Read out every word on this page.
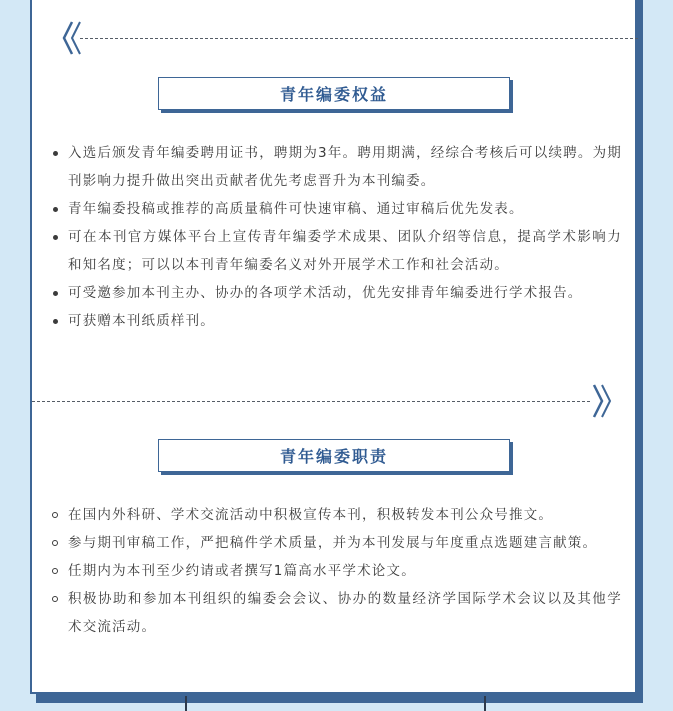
青年编委权益
入选后颁发青年编委聘用证书，聘期为3年。聘用期满，经综合考核后可以续聘。为期刊影响力提升做出突出贡献者优先考虑晋升为本刊编委。
青年编委投稿或推荐的高质量稿件可快速审稿、通过审稿后优先发表。
可在本刊官方媒体平台上宣传青年编委学术成果、团队介绍等信息，提高学术影响力和知名度；可以以本刊青年编委名义对外开展学术工作和社会活动。
可受邀参加本刊主办、协办的各项学术活动，优先安排青年编委进行学术报告。
可获赠本刊纸质样刊。
青年编委职责
在国内外科研、学术交流活动中积极宣传本刊，积极转发本刊公众号推文。
参与期刊审稿工作，严把稿件学术质量，并为本刊发展与年度重点选题建言献策。
任期内为本刊至少约请或者撰写1篇高水平学术论文。
积极协助和参加本刊组织的编委会会议、协办的数量经济学国际学术会议以及其他学术交流活动。
